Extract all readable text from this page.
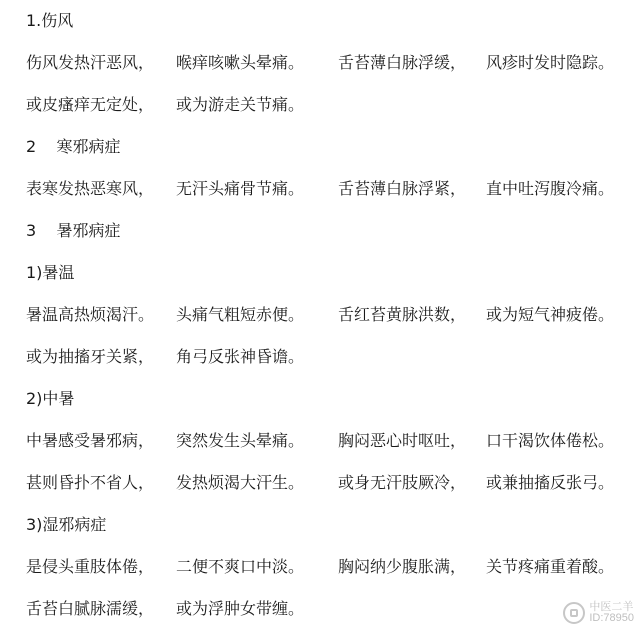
1.伤风
伤风发热汗恶风， 喉痒咳嗽头晕痛。 舌苔薄白脉浮缓， 风疹时发时隐踪。
或皮瘙痒无定处， 或为游走关节痛。
2    寒邪病症
表寒发热恶寒风， 无汗头痛骨节痛。 舌苔薄白脉浮紧， 直中吐泻腹冷痛。
3    暑邪病症
1)暑温
暑温高热烦渴汗。 头痛气粗短赤便。 舌红苔黄脉洪数， 或为短气神疲倦。
或为抽搐牙关紧， 角弓反张神昏谵。
2)中暑
中暑感受暑邪病， 突然发生头晕痛。 胸闷恶心时呕吐， 口干渴饮体倦松。
甚则昏扑不省人， 发热烦渴大汗生。 或身无汗肢厥冷， 或兼抽搐反张弓。
3)湿邪病症
是侵头重肢体倦， 二便不爽口中淡。 胸闷纳少腹胀满， 关节疼痛重着酸。
舌苔白腻脉濡缓， 或为浮肿女带缠。	中医二羊
ID:78950
